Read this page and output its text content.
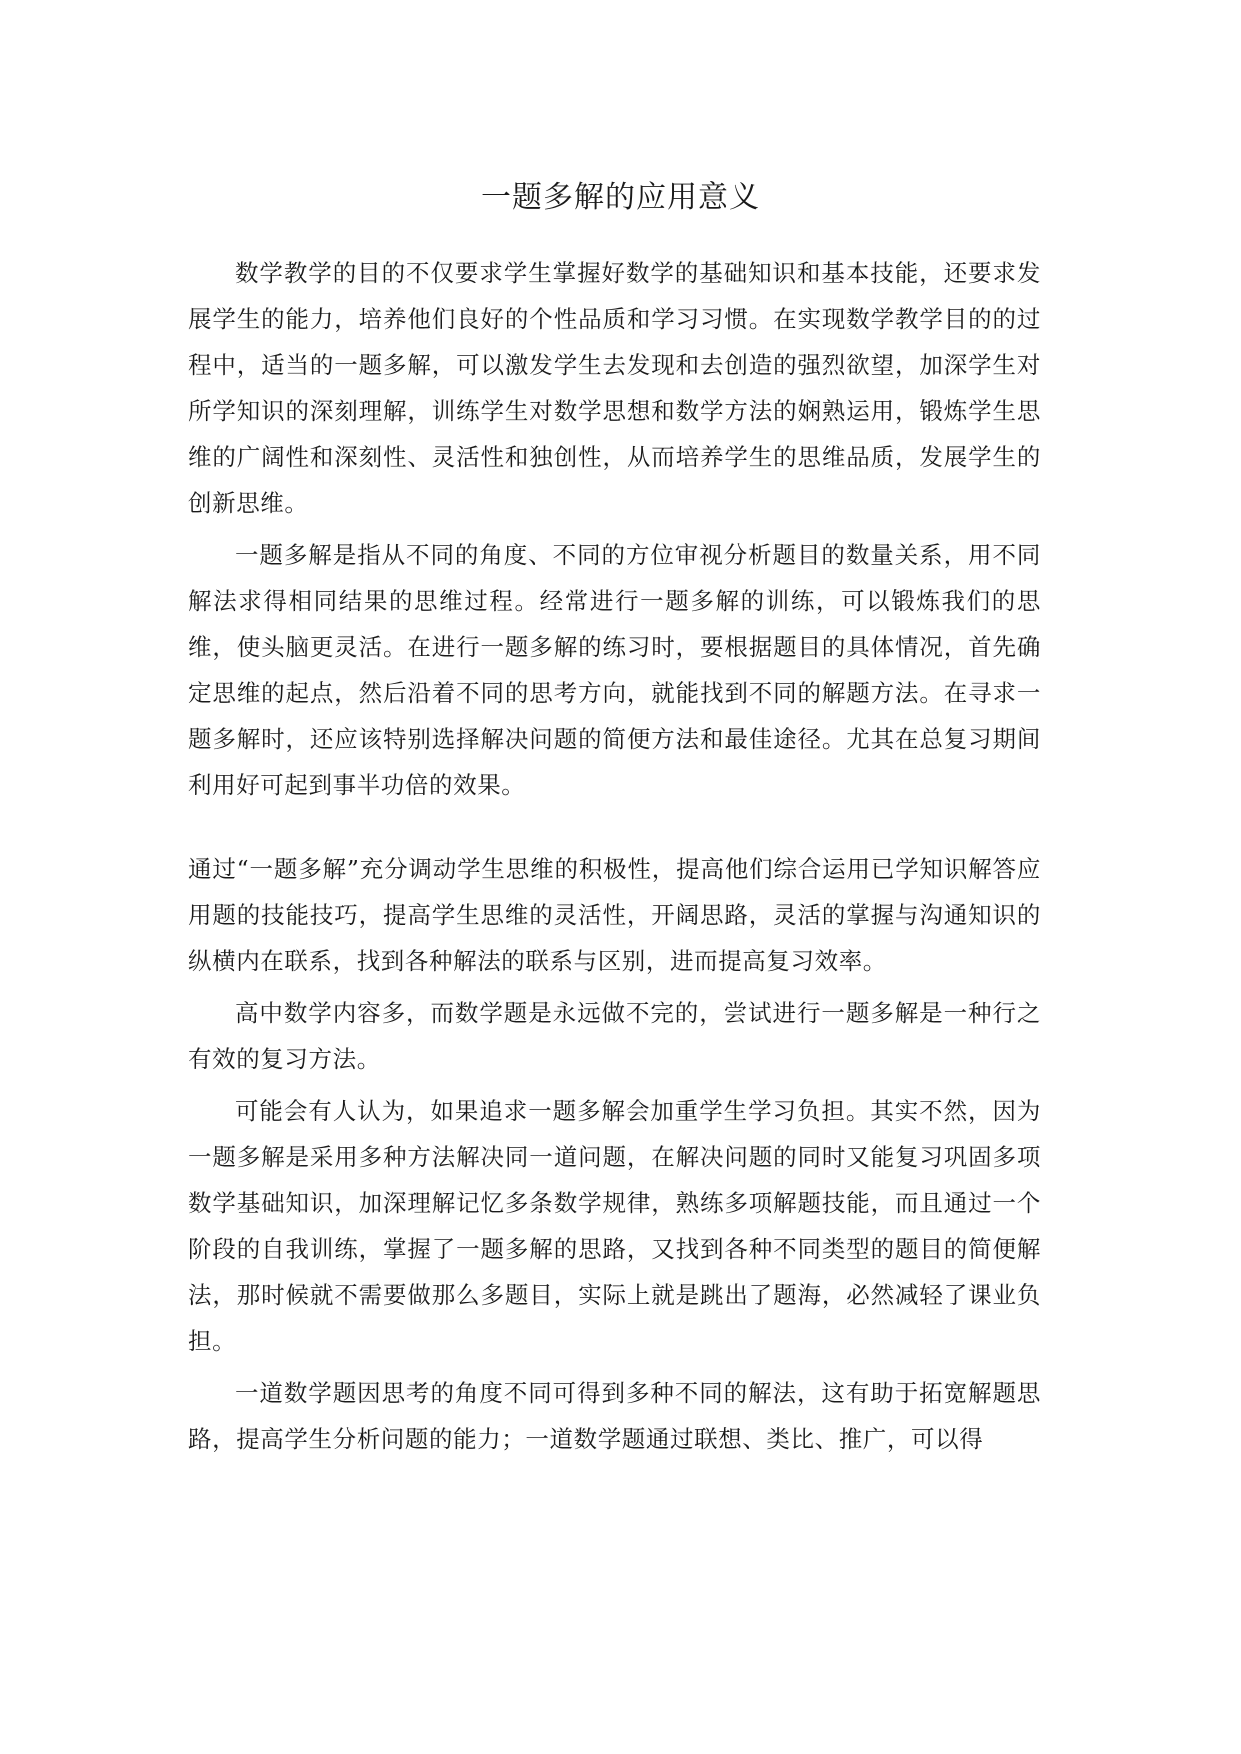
一题多解的应用意义

数学教学的目的不仅要求学生掌握好数学的基础知识和基本技能，还要求发展学生的能力，培养他们良好的个性品质和学习习惯。在实现数学教学目的的过程中，适当的一题多解，可以激发学生去发现和去创造的强烈欲望，加深学生对所学知识的深刻理解，训练学生对数学思想和数学方法的娴熟运用，锻炼学生思维的广阔性和深刻性、灵活性和独创性，从而培养学生的思维品质，发展学生的创新思维。

一题多解是指从不同的角度、不同的方位审视分析题目的数量关系，用不同解法求得相同结果的思维过程。经常进行一题多解的训练，可以锻炼我们的思维，使头脑更灵活。在进行一题多解的练习时，要根据题目的具体情况，首先确定思维的起点，然后沿着不同的思考方向，就能找到不同的解题方法。在寻求一题多解时，还应该特别选择解决问题的简便方法和最佳途径。尤其在总复习期间利用好可起到事半功倍的效果。

通过“一题多解”充分调动学生思维的积极性，提高他们综合运用已学知识解答应用题的技能技巧，提高学生思维的灵活性，开阔思路，灵活的掌握与沟通知识的纵横内在联系，找到各种解法的联系与区别，进而提高复习效率。

高中数学内容多，而数学题是永远做不完的，尝试进行一题多解是一种行之有效的复习方法。

可能会有人认为，如果追求一题多解会加重学生学习负担。其实不然，因为一题多解是采用多种方法解决同一道问题，在解决问题的同时又能复习巩固多项数学基础知识，加深理解记忆多条数学规律，熟练多项解题技能，而且通过一个阶段的自我训练，掌握了一题多解的思路，又找到各种不同类型的题目的简便解法，那时候就不需要做那么多题目，实际上就是跳出了题海，必然减轻了课业负担。

一道数学题因思考的角度不同可得到多种不同的解法，这有助于拓宽解题思路，提高学生分析问题的能力；一道数学题通过联想、类比、推广，可以得
